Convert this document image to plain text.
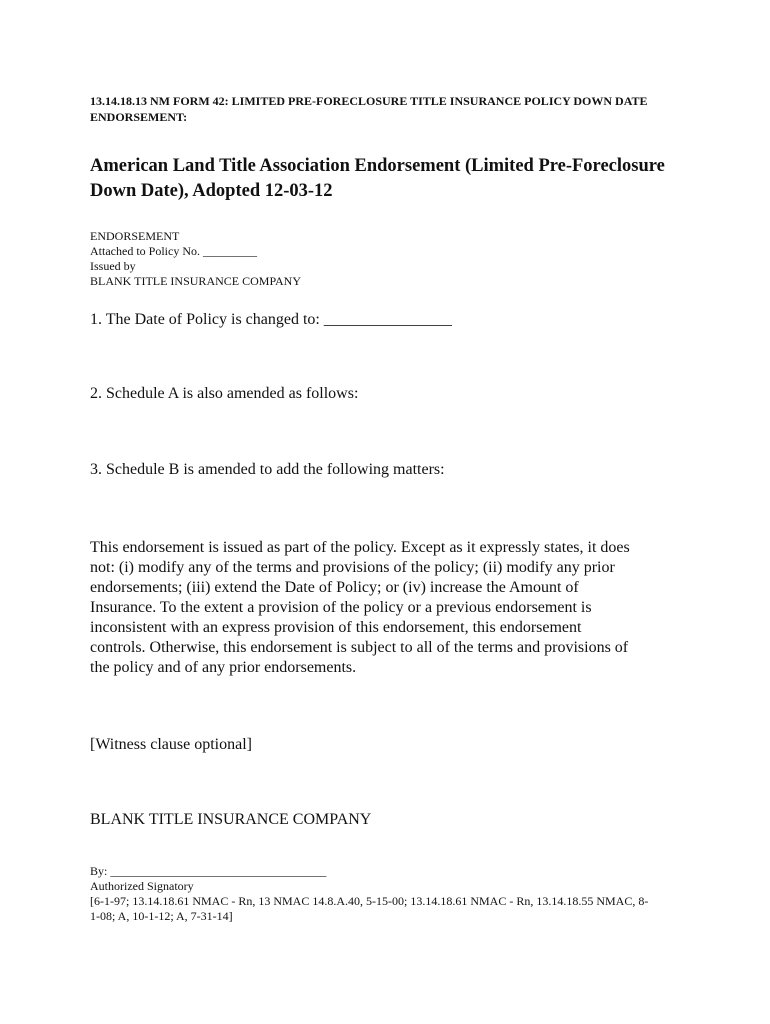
13.14.18.13 NM FORM 42: LIMITED PRE-FORECLOSURE TITLE INSURANCE POLICY DOWN DATE ENDORSEMENT:

American Land Title Association Endorsement (Limited Pre-Foreclosure Down Date), Adopted 12-03-12
ENDORSEMENT
Attached to Policy No. _________
Issued by
BLANK TITLE INSURANCE COMPANY

1. The Date of Policy is changed to: ________________

2. Schedule A is also amended as follows:

3. Schedule B is amended to add the following matters:

This endorsement is issued as part of the policy. Except as it expressly states, it does
not: (i) modify any of the terms and provisions of the policy; (ii) modify any prior
endorsements; (iii) extend the Date of Policy; or (iv) increase the Amount of
Insurance. To the extent a provision of the policy or a previous endorsement is
inconsistent with an express provision of this endorsement, this endorsement
controls. Otherwise, this endorsement is subject to all of the terms and provisions of
the policy and of any prior endorsements.

[Witness clause optional]

BLANK TITLE INSURANCE COMPANY

By: ____________________________________
Authorized Signatory
[6-1-97; 13.14.18.61 NMAC - Rn, 13 NMAC 14.8.A.40, 5-15-00; 13.14.18.61 NMAC - Rn, 13.14.18.55 NMAC, 8-
1-08; A, 10-1-12; A, 7-31-14]
